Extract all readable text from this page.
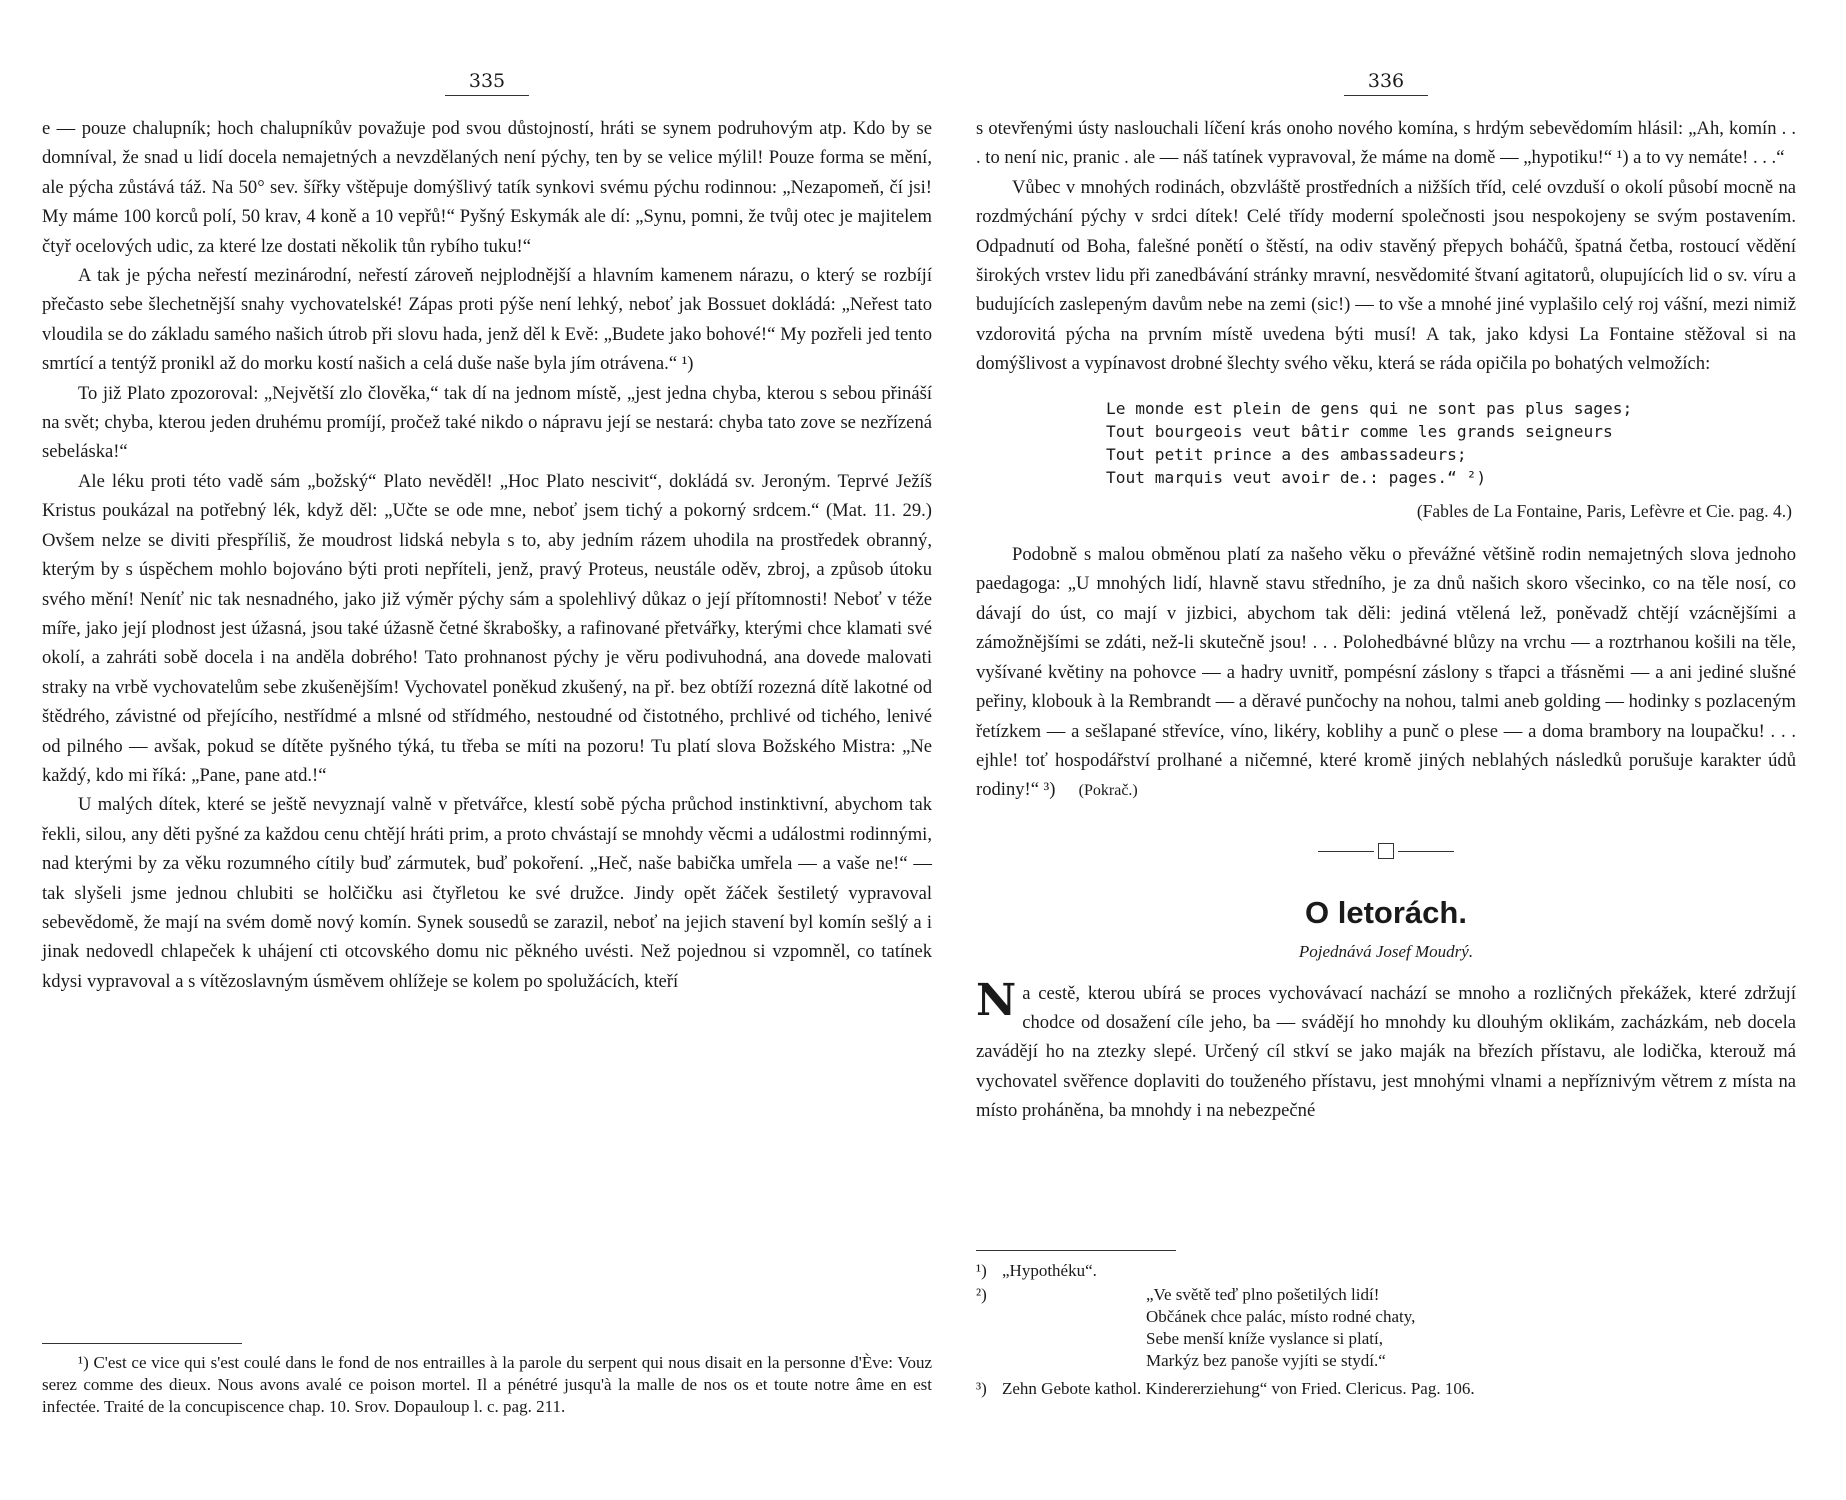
335

e — pouze chalupník; hoch chalupníkův považuje pod svou důstojností, hráti se synem podruhovým atp. Kdo by se domníval, že snad u lidí docela nemajetných a nevzdělaných není pýchy, ten by se velice mýlil! Pouze forma se mění, ale pýcha zůstává táž. Na 50° sev. šířky vštěpuje domýšlivý tatík synkovi svému pýchu rodinnou: „Nezapomeň, čí jsi! My máme 100 korců polí, 50 krav, 4 koně a 10 vepřů!“ Pyšný Eskymák ale dí: „Synu, pomni, že tvůj otec je majitelem čtyř ocelových udic, za které lze dostati několik tůn rybího tuku!“

A tak je pýcha neřestí mezinárodní, neřestí zároveň nejplodnější a hlavním kamenem nárazu, o který se rozbíjí přečasto sebe šlechetnější snahy vychovatelské! Zápas proti pýše není lehký, neboť jak Bossuet dokládá: „Neřest tato vloudila se do základu samého našich útrob při slovu hada, jenž děl k Evě: „Budete jako bohové!“ My pozřeli jed tento smrtící a tentýž pronikl až do morku kostí našich a celá duše naše byla jím otrávena.“ ¹)

To již Plato zpozoroval: „Největší zlo člověka,“ tak dí na jednom místě, „jest jedna chyba, kterou s sebou přináší na svět; chyba, kterou jeden druhému promíjí, pročež také nikdo o nápravu její se nestará: chyba tato zove se nezřízená sebeláska!“

Ale léku proti této vadě sám „božský“ Plato nevěděl! „Hoc Plato nescivit“, dokládá sv. Jeroným. Teprvé Ježíš Kristus poukázal na potřebný lék, když děl: „Učte se ode mne, neboť jsem tichý a pokorný srdcem.“ (Mat. 11. 29.) Ovšem nelze se diviti přespříliš, že moudrost lidská nebyla s to, aby jedním rázem uhodila na prostředek obranný, kterým by s úspěchem mohlo bojováno býti proti nepříteli, jenž, pravý Proteus, neustále oděv, zbroj, a způsob útoku svého mění! Neníť nic tak nesnadného, jako již výměr pýchy sám a spolehlivý důkaz o její přítomnosti! Neboť v téže míře, jako její plodnost jest úžasná, jsou také úžasně četné škrabošky, a rafinované přetvářky, kterými chce klamati své okolí, a zahráti sobě docela i na anděla dobrého! Tato prohnanost pýchy je věru podivuhodná, ana dovede malovati straky na vrbě vychovatelům sebe zkušenějším! Vychovatel poněkud zkušený, na př. bez obtíží rozezná dítě lakotné od štědrého, závistné od přejícího, nestřídmé a mlsné od střídmého, nestoudné od čistotného, prchlivé od tichého, lenivé od pilného — avšak, pokud se dítěte pyšného týká, tu třeba se míti na pozoru! Tu platí slova Božského Mistra: „Ne každý, kdo mi říká: „Pane, pane atd.!“

U malých dítek, které se ještě nevyznají valně v přetvářce, klestí sobě pýcha průchod instinktivní, abychom tak řekli, silou, any děti pyšné za každou cenu chtějí hráti prim, a proto chvástají se mnohdy věcmi a událostmi rodinnými, nad kterými by za věku rozumného cítily buď zármutek, buď pokoření. „Heč, naše babička umřela — a vaše ne!“ — tak slyšeli jsme jednou chlubiti se holčičku asi čtyřletou ke své družce. Jindy opět žáček šestiletý vypravoval sebevědomě, že mají na svém domě nový komín. Synek sousedů se zarazil, neboť na jejich stavení byl komín sešlý a i jinak nedovedl chlapeček k uhájení cti otcovského domu nic pěkného uvésti. Než pojednou si vzpomněl, co tatínek kdysi vypravoval a s vítězoslavným úsměvem ohlížeje se kolem po spolužácích, kteří

¹) C'est ce vice qui s'est coulé dans le fond de nos entrailles à la parole du serpent qui nous disait en la personne d'Ève: Vouz serez comme des dieux. Nous avons avalé ce poison mortel. Il a pénétré jusqu'à la malle de nos os et toute notre âme en est infectée. Traité de la concupiscence chap. 10. Srov. Dopauloup l. c. pag. 211.

336

s otevřenými ústy naslouchali líčení krás onoho nového komína, s hrdým sebevědomím hlásil: „Ah, komín . . . to není nic, pranic . ale — náš tatínek vypravoval, že máme na domě — „hypotiku!“ ¹) a to vy nemáte! . . .“

Vůbec v mnohých rodinách, obzvláště prostředních a nižších tříd, celé ovzduší o okolí působí mocně na rozdmýchání pýchy v srdci dítek! Celé třídy moderní společnosti jsou nespokojeny se svým postavením. Odpadnutí od Boha, falešné ponětí o štěstí, na odiv stavěný přepych boháčů, špatná četba, rostoucí vědění širokých vrstev lidu při zanedbávání stránky mravní, nesvědomité štvaní agitatorů, olupujících lid o sv. víru a budujících zaslepeným davům nebe na zemi (sic!) — to vše a mnohé jiné vyplašilo celý roj vášní, mezi nimiž vzdorovitá pýcha na prvním místě uvedena býti musí! A tak, jako kdysi La Fontaine stěžoval si na domýšlivost a vypínavost drobné šlechty svého věku, která se ráda opičila po bohatých velmožích:

Le monde est plein de gens qui ne sont pas plus sages;
Tout bourgeois veut bâtir comme les grands seigneurs
Tout petit prince a des ambassadeurs;
Tout marquis veut avoir de.: pages.“ ²)
(Fables de La Fontaine, Paris, Lefèvre et Cie. pag. 4.)

Podobně s malou obměnou platí za našeho věku o převážné většině rodin nemajetných slova jednoho paedagoga: „U mnohých lidí, hlavně stavu středního, je za dnů našich skoro všecinko, co na těle nosí, co dávají do úst, co mají v jizbici, abychom tak děli: jediná vtělená lež, poněvadž chtějí vzácnějšími a zámožnějšími se zdáti, než-li skutečně jsou! . . . Polohedbávné blůzy na vrchu — a roztrhanou košili na těle, vyšívané květiny na pohovce — a hadry uvnitř, pompésní záslony s třapci a třásněmi — a ani jediné slušné peřiny, klobouk à la Rembrandt — a děravé punčochy na nohou, talmi aneb golding — hodinky s pozlaceným řetízkem — a sešlapané střevíce, víno, likéry, koblihy a punč o plese — a doma brambory na loupačku! . . . ejhle! toť hospodářství prolhané a ničemné, které kromě jiných neblahých následků porušuje karakter údů rodiny!“ ³) (Pokrač.)

O letorách.
Pojednává Josef Moudrý.

Na cestě, kterou ubírá se proces vychovávací nachází se mnoho a rozličných překážek, které zdržují chodce od dosažení cíle jeho, ba — svádějí ho mnohdy ku dlouhým oklikám, zacházkám, neb docela zavádějí ho na ztezky slepé. Určený cíl stkví se jako maják na březích přístavu, ale lodička, kterouž má vychovatel svěřence doplaviti do touženého přístavu, jest mnohými vlnami a nepříznivým větrem z místa na místo proháněna, ba mnohdy i na nebezpečné

¹) „Hypothéku“.

²)	„Ve světě teď plno pošetilých lidí!
Občánek chce palác, místo rodné chaty,
Sebe menší kníže vyslance si platí,
Markýz bez panoše vyjíti se stydí.“

³) Zehn Gebote kathol. Kindererziehung“ von Fried. Clericus. Pag. 106.
